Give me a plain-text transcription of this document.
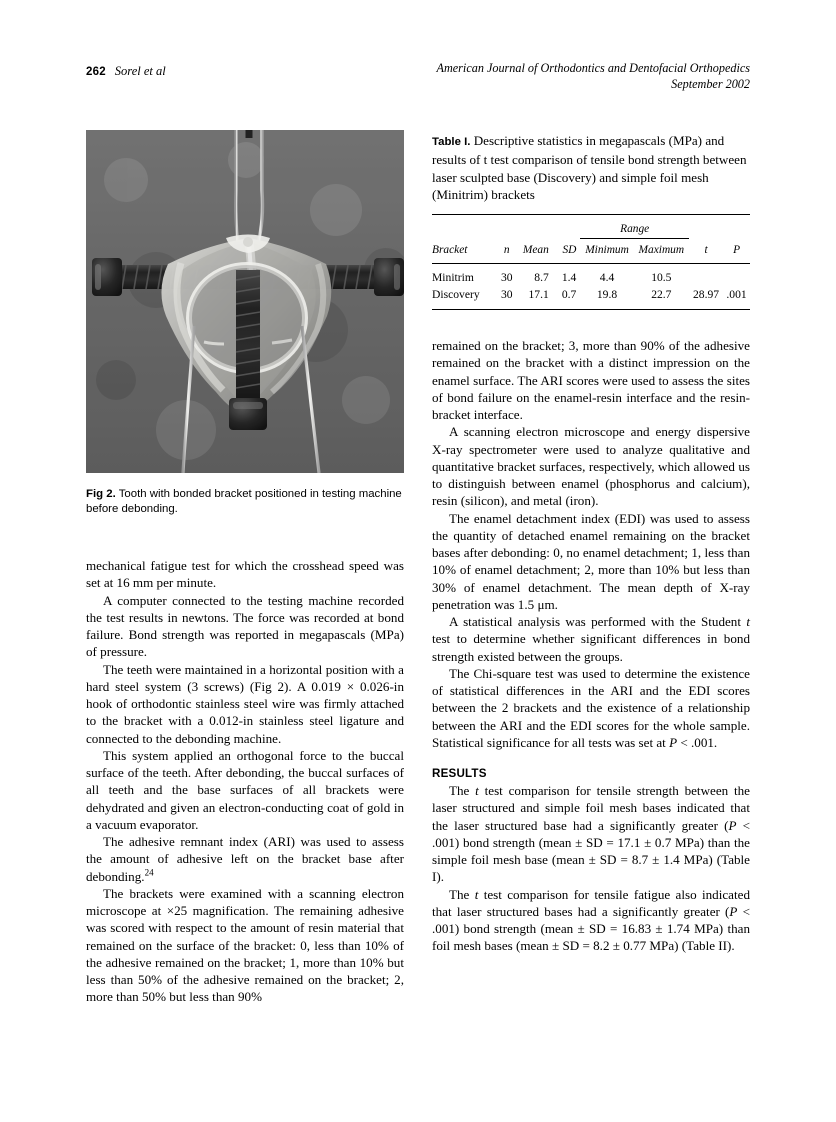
262 Sorel et al	American Journal of Orthodontics and Dentofacial Orthopedics
September 2002
Fig 2. Tooth with bonded bracket positioned in testing machine before debonding.
Table I. Descriptive statistics in megapascals (MPa) and results of t test comparison of tensile bond strength between laser sculpted base (Discovery) and simple foil mesh (Minitrim) brackets

				Range	

Bracket	n	Mean	SD	Minimum	Maximum	t	P

Minitrim	30	8.7	1.4	4.4	10.5		
Discovery	30	17.1	0.7	19.8	22.7	28.97	.001

mechanical fatigue test for which the crosshead speed was set at 16 mm per minute.

A computer connected to the testing machine recorded the test results in newtons. The force was recorded at bond failure. Bond strength was reported in megapascals (MPa) of pressure.

The teeth were maintained in a horizontal position with a hard steel system (3 screws) (Fig 2). A 0.019 × 0.026-in hook of orthodontic stainless steel wire was firmly attached to the bracket with a 0.012-in stainless steel ligature and connected to the debonding machine.

This system applied an orthogonal force to the buccal surface of the teeth. After debonding, the buccal surfaces of all teeth and the base surfaces of all brackets were dehydrated and given an electron-conducting coat of gold in a vacuum evaporator.

The adhesive remnant index (ARI) was used to assess the amount of adhesive left on the bracket base after debonding.$^{24}$

The brackets were examined with a scanning electron microscope at ×25 magnification. The remaining adhesive was scored with respect to the amount of resin material that remained on the surface of the bracket: 0, less than 10% of the adhesive remained on the bracket; 1, more than 10% but less than 50% of the adhesive remained on the bracket; 2, more than 50% but less than 90%

remained on the bracket; 3, more than 90% of the adhesive remained on the bracket with a distinct impression on the enamel surface. The ARI scores were used to assess the sites of bond failure on the enamel-resin interface and the resin-bracket interface.

A scanning electron microscope and energy dispersive X-ray spectrometer were used to analyze qualitative and quantitative bracket surfaces, respectively, which allowed us to distinguish between enamel (phosphorus and calcium), resin (silicon), and metal (iron).

The enamel detachment index (EDI) was used to assess the quantity of detached enamel remaining on the bracket bases after debonding: 0, no enamel detachment; 1, less than 10% of enamel detachment; 2, more than 10% but less than 30% of enamel detachment. The mean depth of X-ray penetration was 1.5 μm.

A statistical analysis was performed with the Student t test to determine whether significant differences in bond strength existed between the groups.

The Chi-square test was used to determine the existence of statistical differences in the ARI and the EDI scores between the 2 brackets and the existence of a relationship between the ARI and the EDI scores for the whole sample. Statistical significance for all tests was set at P < .001.

RESULTS

The t test comparison for tensile strength between the laser structured and simple foil mesh bases indicated that the laser structured base had a significantly greater (P < .001) bond strength (mean ± SD = 17.1 ± 0.7 MPa) than the simple foil mesh base (mean ± SD = 8.7 ± 1.4 MPa) (Table I).

The t test comparison for tensile fatigue also indicated that laser structured bases had a significantly greater (P < .001) bond strength (mean ± SD = 16.83 ± 1.74 MPa) than foil mesh bases (mean ± SD = 8.2 ± 0.77 MPa) (Table II).
